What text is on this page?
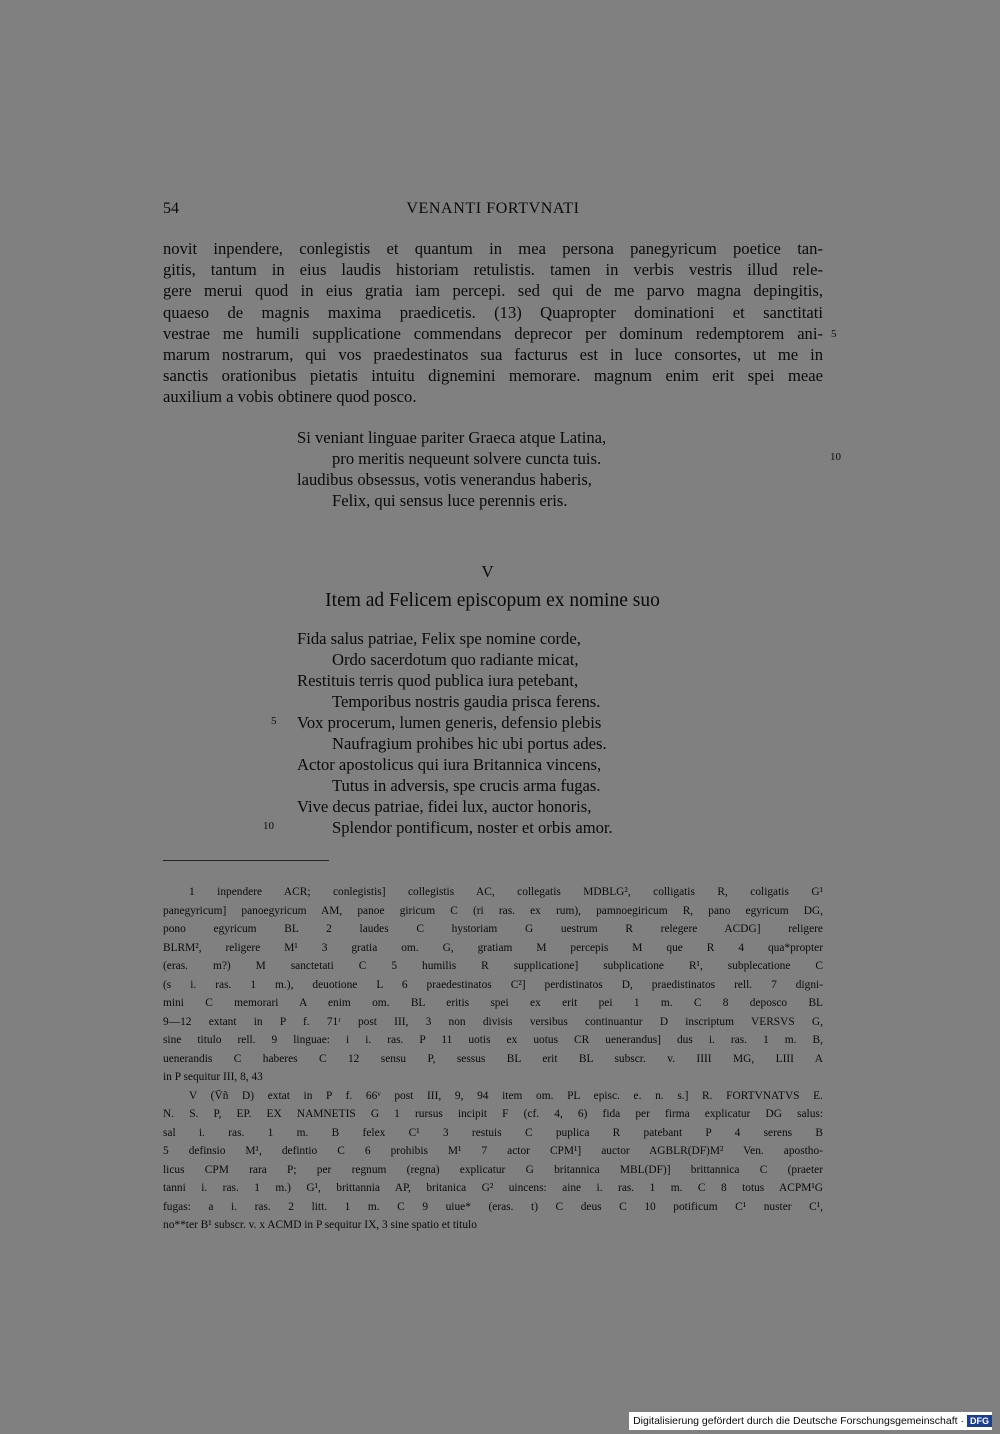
54	VENANTI FORTVNATI
novit inpendere, conlegistis et quantum in mea persona panegyricum poetice tan-
gitis, tantum in eius laudis historiam retulistis. tamen in verbis vestris illud rele-
gere merui quod in eius gratia iam percepi. sed qui de me parvo magna depingitis,
quaeso de magnis maxima praedicetis. (13) Quapropter dominationi et sanctitati
vestrae me humili supplicatione commendans deprecor per dominum redemptorem ani-
marum nostrarum, qui vos praedestinatos sua facturus est in luce consortes, ut me in
sanctis orationibus pietatis intuitu dignemini memorare. magnum enim erit spei meae
auxilium a vobis obtinere quod posco.
5
Si veniant linguae pariter Graeca atque Latina,
pro meritis nequeunt solvere cuncta tuis.
laudibus obsessus, votis venerandus haberis,
Felix, qui sensus luce perennis eris.
10
V
Item ad Felicem episcopum ex nomine suo
Fida salus patriae, Felix spe nomine corde,
Ordo sacerdotum quo radiante micat,
Restituis terris quod publica iura petebant,
Temporibus nostris gaudia prisca ferens.
Vox procerum, lumen generis, defensio plebis
Naufragium prohibes hic ubi portus ades.
Actor apostolicus qui iura Britannica vincens,
Tutus in adversis, spe crucis arma fugas.
Vive decus patriae, fidei lux, auctor honoris,
Splendor pontificum, noster et orbis amor.
5
10
1 inpendere ACR; conlegistis] collegistis AC, collegatis MDBLG², colligatis R, coligatis G¹
panegyricum] panoegyricum AM, panoe giricum C (ri ras. ex rum), pamnoegiricum R, pano egyricum DG,
pono egyricum BL 2 laudes C hystoriam G uestrum R relegere ACDG] religere
BLRM², religere M¹ 3 gratia om. G, gratiam M percepis M que R 4 qua*propter
(eras. m?) M sanctetati C 5 humilis R supplicatione] subplicatione R¹, subplecatione C
(s i. ras. 1 m.), deuotione L 6 praedestinatos C²] perdistinatos D, praedistinatos rell. 7 digni-
mini C memorari A enim om. BL eritis spei ex erit pei 1 m. C 8 deposco BL
9—12 extant in P f. 71ʳ post III, 3 non divisis versibus continuantur D inscriptum VERSVS G,
sine titulo rell. 9 linguae: i i. ras. P 11 uotis ex uotus CR uenerandus] dus i. ras. 1 m. B,
uenerandis C haberes C 12 sensu P, sessus BL erit BL subscr. v. IIII MG, LIII A
in P sequitur III, 8, 43
V (V̄ñ D) extat in P f. 66ᵛ post III, 9, 94 item om. PL episc. e. n. s.] R. FORTVNATVS E.
N. S. P, EP. EX NAMNETIS G 1 rursus incipit F (cf. 4, 6) fida per firma explicatur DG salus:
sal i. ras. 1 m. B felex C¹ 3 restuis C puplica R patebant P 4 serens B
5 definsio M¹, defintio C 6 prohibis M¹ 7 actor CPM¹] auctor AGBLR(DF)M² Ven. apostho-
licus CPM rara P; per regnum (regna) explicatur G britannica MBL(DF)] brittannica C (praeter
tanni i. ras. 1 m.) G¹, brittannia AP, britanica G² uincens: aine i. ras. 1 m. C 8 totus ACPM¹G
fugas: a i. ras. 2 litt. 1 m. C 9 uiue* (eras. t) C deus C 10 potificum C¹ nuster C¹,
no**ter B¹ subscr. v. x ACMD in P sequitur IX, 3 sine spatio et titulo
Digitalisierung gefördert durch die Deutsche Forschungsgemeinschaft · DFG
